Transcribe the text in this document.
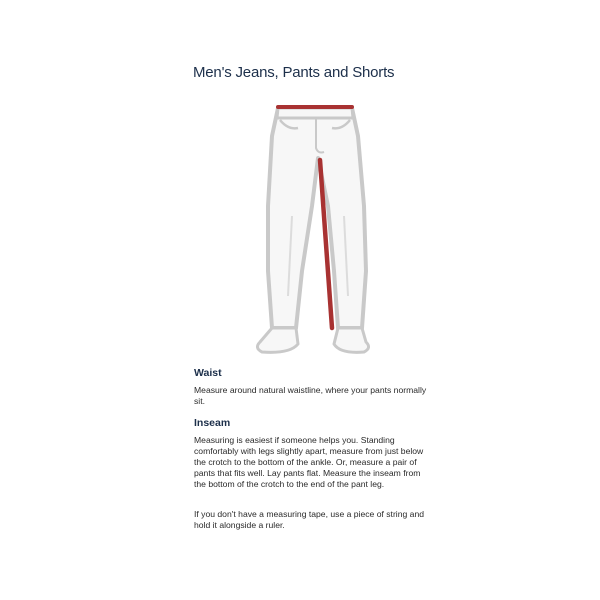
Men's Jeans, Pants and Shorts
Waist

Measure around natural waistline, where your pants normally sit.

Inseam

Measuring is easiest if someone helps you. Standing comfortably with legs slightly apart, measure from just below the crotch to the bottom of the ankle. Or, measure a pair of pants that fits well. Lay pants flat. Measure the inseam from the bottom of the crotch to the end of the pant leg.

If you don't have a measuring tape, use a piece of string and hold it alongside a ruler.
